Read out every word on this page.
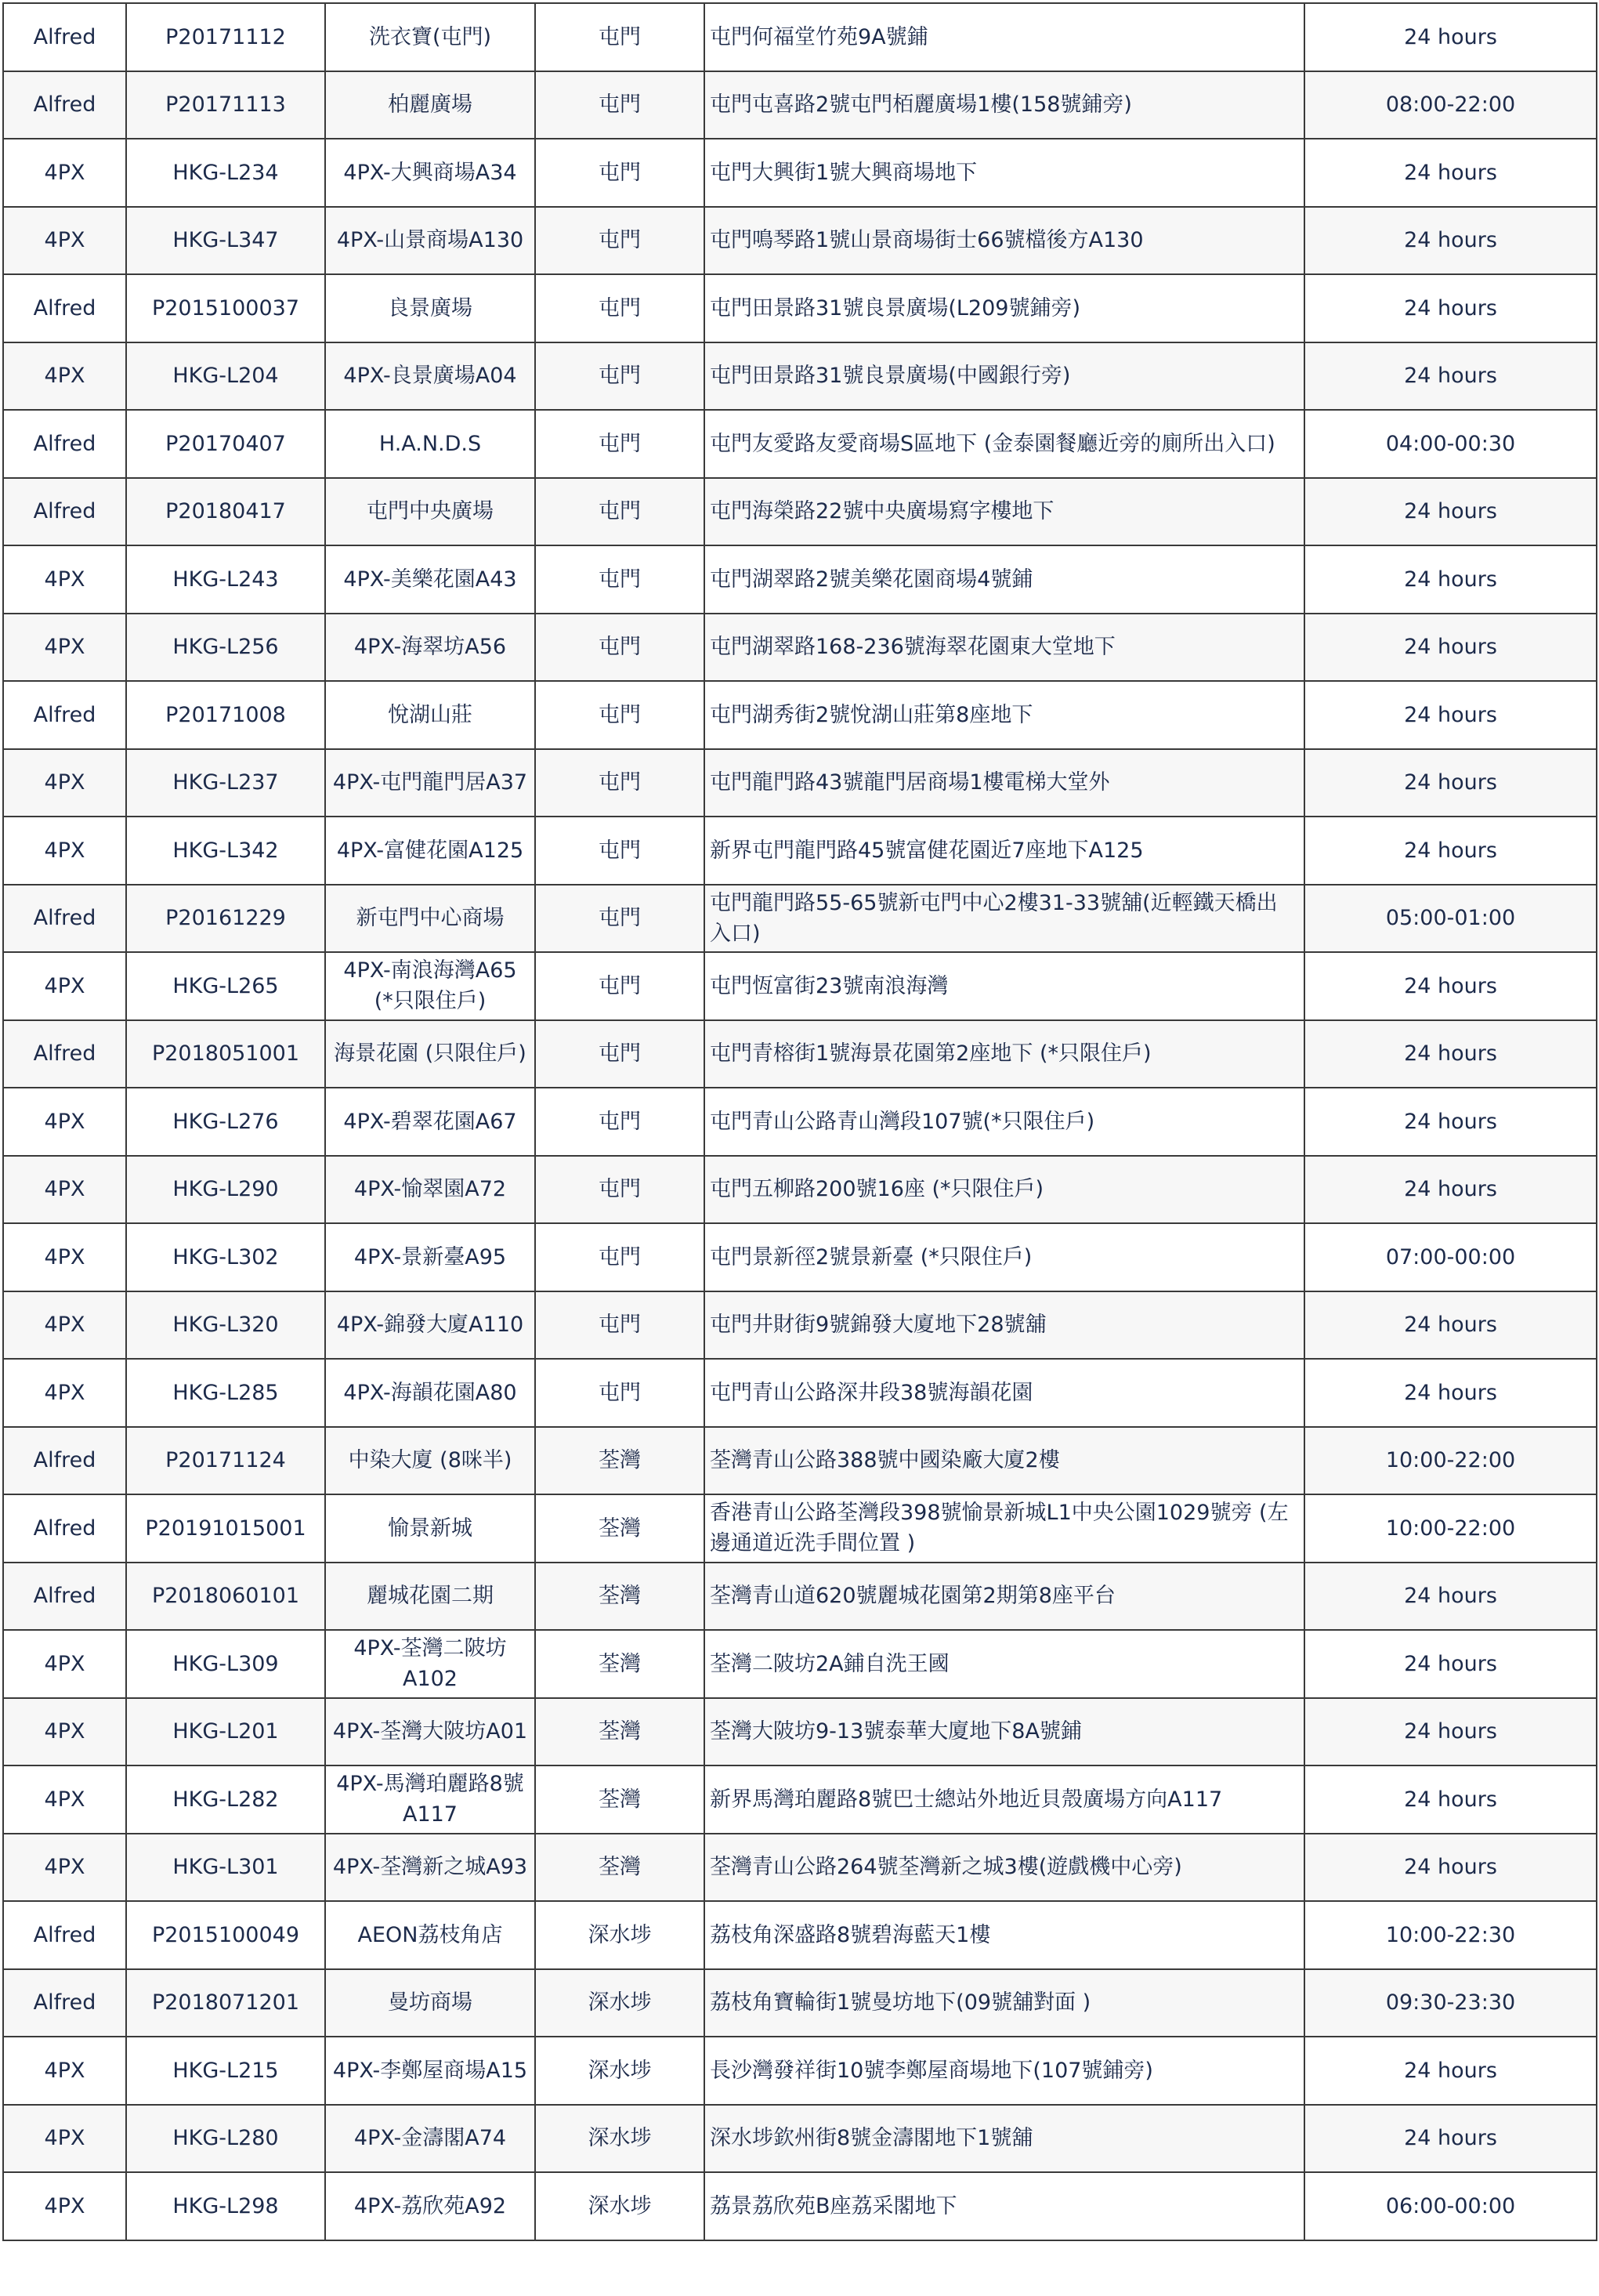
Alfred	P20171112	洗衣寶(屯門)	屯門	屯門何福堂竹苑9A號鋪	24 hours
Alfred	P20171113	柏麗廣場	屯門	屯門屯喜路2號屯門栢麗廣場1樓(158號鋪旁)	08:00-22:00
4PX	HKG-L234	4PX-大興商場A34	屯門	屯門大興街1號大興商場地下	24 hours
4PX	HKG-L347	4PX-山景商場A130	屯門	屯門鳴琴路1號山景商場街士66號檔後方A130	24 hours
Alfred	P2015100037	良景廣場	屯門	屯門田景路31號良景廣場(L209號鋪旁)	24 hours
4PX	HKG-L204	4PX-良景廣場A04	屯門	屯門田景路31號良景廣場(中國銀行旁)	24 hours
Alfred	P20170407	H.A.N.D.S	屯門	屯門友愛路友愛商場S區地下 (金泰園餐廳近旁的廁所出入口)	04:00-00:30
Alfred	P20180417	屯門中央廣場	屯門	屯門海榮路22號中央廣場寫字樓地下	24 hours
4PX	HKG-L243	4PX-美樂花園A43	屯門	屯門湖翠路2號美樂花園商場4號鋪	24 hours
4PX	HKG-L256	4PX-海翠坊A56	屯門	屯門湖翠路168-236號海翠花園東大堂地下	24 hours
Alfred	P20171008	悅湖山莊	屯門	屯門湖秀街2號悅湖山莊第8座地下	24 hours
4PX	HKG-L237	4PX-屯門龍門居A37	屯門	屯門龍門路43號龍門居商場1樓電梯大堂外	24 hours
4PX	HKG-L342	4PX-富健花園A125	屯門	新界屯門龍門路45號富健花園近7座地下A125	24 hours
Alfred	P20161229	新屯門中心商場	屯門	屯門龍門路55-65號新屯門中心2樓31-33號舖(近輕鐵天橋出入口)	05:00-01:00
4PX	HKG-L265	4PX-南浪海灣A65 (*只限住戶)	屯門	屯門恆富街23號南浪海灣	24 hours
Alfred	P2018051001	海景花園 (只限住戶)	屯門	屯門青榕街1號海景花園第2座地下 (*只限住戶)	24 hours
4PX	HKG-L276	4PX-碧翠花園A67	屯門	屯門青山公路青山灣段107號(*只限住戶)	24 hours
4PX	HKG-L290	4PX-愉翠園A72	屯門	屯門五柳路200號16座 (*只限住戶)	24 hours
4PX	HKG-L302	4PX-景新臺A95	屯門	屯門景新徑2號景新臺 (*只限住戶)	07:00-00:00
4PX	HKG-L320	4PX-錦發大廈A110	屯門	屯門井財街9號錦發大廈地下28號舖	24 hours
4PX	HKG-L285	4PX-海韻花園A80	屯門	屯門青山公路深井段38號海韻花園	24 hours
Alfred	P20171124	中染大廈 (8咪半)	荃灣	荃灣青山公路388號中國染廠大廈2樓	10:00-22:00
Alfred	P20191015001	愉景新城	荃灣	香港青山公路荃灣段398號愉景新城L1中央公園1029號旁 (左邊通道近洗手間位置 )	10:00-22:00
Alfred	P2018060101	麗城花園二期	荃灣	荃灣青山道620號麗城花園第2期第8座平台	24 hours
4PX	HKG-L309	4PX-荃灣二陂坊A102	荃灣	荃灣二陂坊2A鋪自洗王國	24 hours
4PX	HKG-L201	4PX-荃灣大陂坊A01	荃灣	荃灣大陂坊9-13號泰華大廈地下8A號鋪	24 hours
4PX	HKG-L282	4PX-馬灣珀麗路8號A117	荃灣	新界馬灣珀麗路8號巴士總站外地近貝殼廣場方向A117	24 hours
4PX	HKG-L301	4PX-荃灣新之城A93	荃灣	荃灣青山公路264號荃灣新之城3樓(遊戲機中心旁)	24 hours
Alfred	P2015100049	AEON荔枝角店	深水埗	荔枝角深盛路8號碧海藍天1樓	10:00-22:30
Alfred	P2018071201	曼坊商場	深水埗	荔枝角寶輪街1號曼坊地下(09號舖對面 )	09:30-23:30
4PX	HKG-L215	4PX-李鄭屋商場A15	深水埗	長沙灣發祥街10號李鄭屋商場地下(107號鋪旁)	24 hours
4PX	HKG-L280	4PX-金濤閣A74	深水埗	深水埗欽州街8號金濤閣地下1號舖	24 hours
4PX	HKG-L298	4PX-荔欣苑A92	深水埗	荔景荔欣苑B座荔采閣地下	06:00-00:00
